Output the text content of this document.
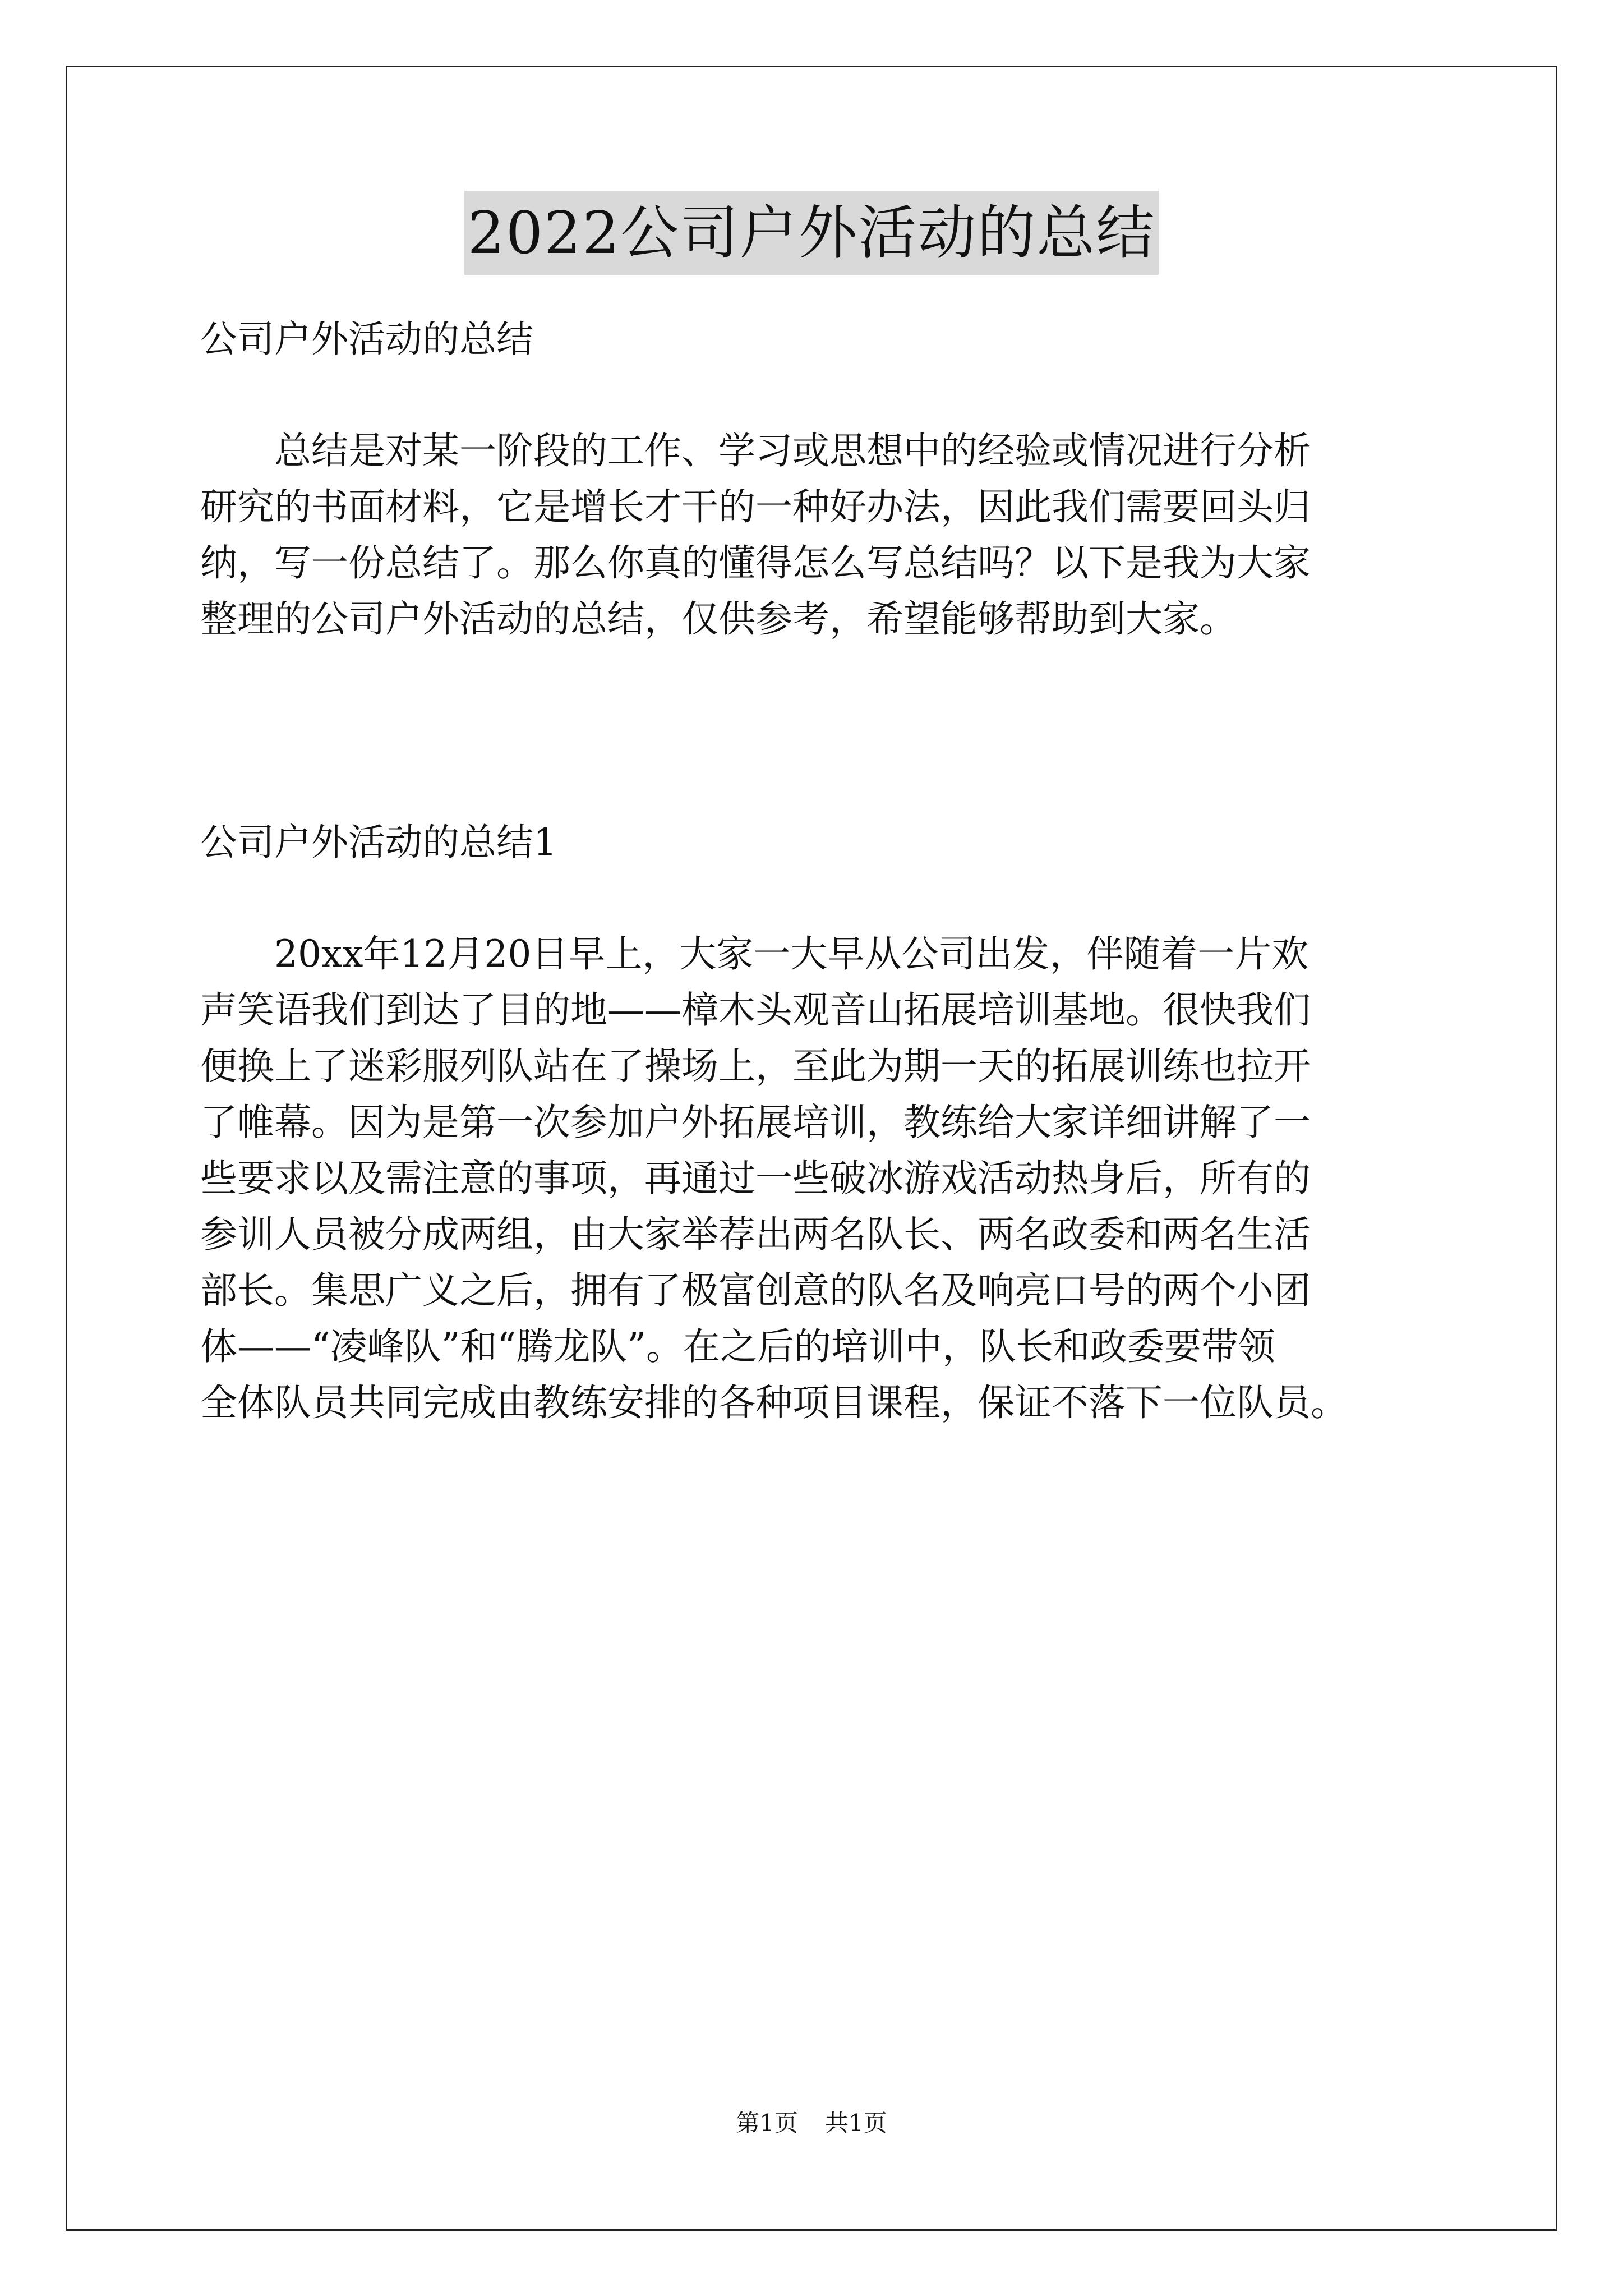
2022公司户外活动的总结

公司户外活动的总结

总结是对某一阶段的工作、学习或思想中的经验或情况进行分析

研究的书面材料，它是增长才干的一种好办法，因此我们需要回头归

纳，写一份总结了。那么你真的懂得怎么写总结吗？以下是我为大家

整理的公司户外活动的总结，仅供参考，希望能够帮助到大家。

公司户外活动的总结1

20xx年12月20日早上，大家一大早从公司出发，伴随着一片欢

声笑语我们到达了目的地——樟木头观音山拓展培训基地。很快我们

便换上了迷彩服列队站在了操场上，至此为期一天的拓展训练也拉开

了帷幕。因为是第一次参加户外拓展培训，教练给大家详细讲解了一

些要求以及需注意的事项，再通过一些破冰游戏活动热身后，所有的

参训人员被分成两组，由大家举荐出两名队长、两名政委和两名生活

部长。集思广义之后，拥有了极富创意的队名及响亮口号的两个小团

体——“凌峰队”和“腾龙队”。在之后的培训中，队长和政委要带领

全体队员共同完成由教练安排的各种项目课程，保证不落下一位队员。

第1页 共1页
